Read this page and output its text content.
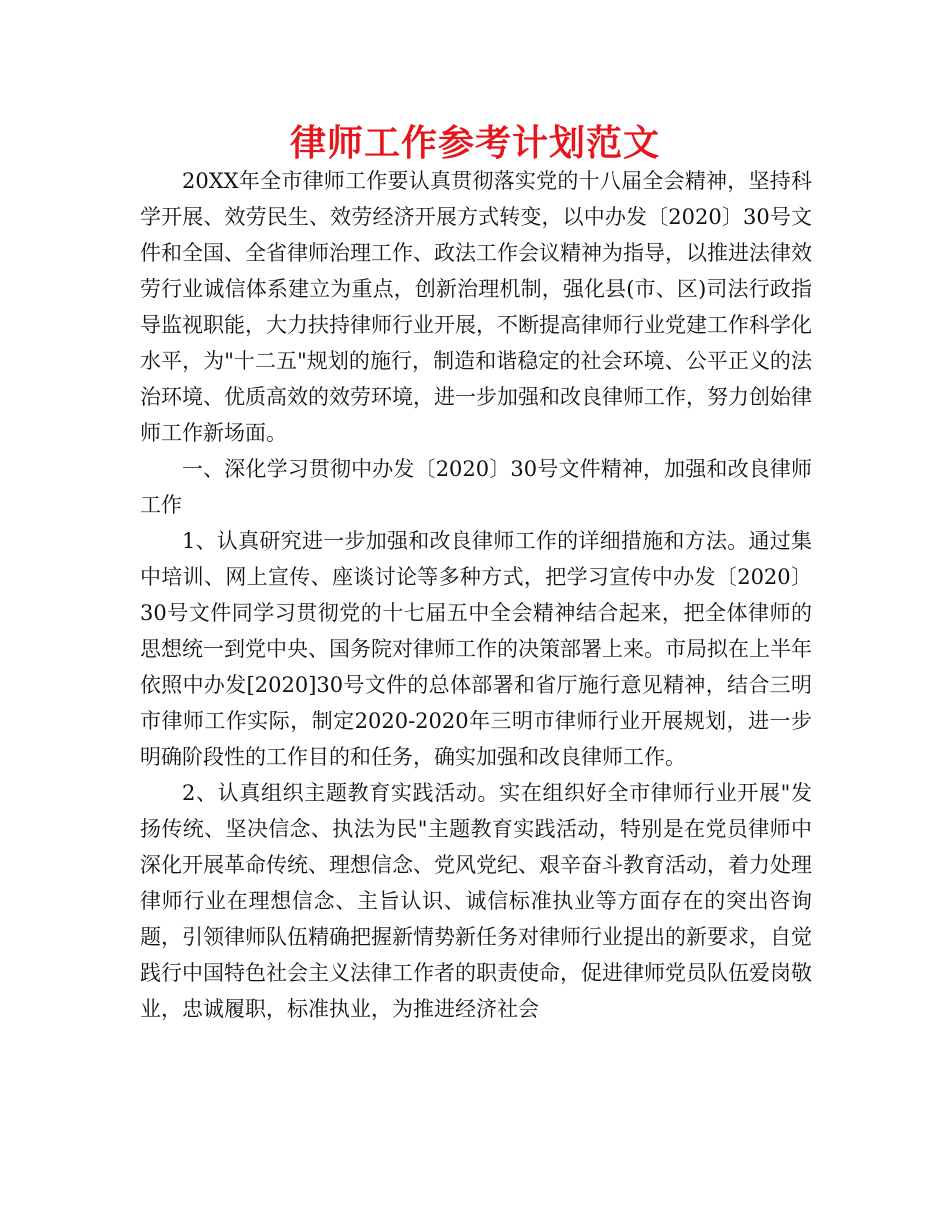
律师工作参考计划范文

20XX年全市律师工作要认真贯彻落实党的十八届全会精神，坚持科学开展、效劳民生、效劳经济开展方式转变，以中办发〔2020〕30号文件和全国、全省律师治理工作、政法工作会议精神为指导，以推进法律效劳行业诚信体系建立为重点，创新治理机制，强化县(市、区)司法行政指导监视职能，大力扶持律师行业开展，不断提高律师行业党建工作科学化水平，为"十二五"规划的施行，制造和谐稳定的社会环境、公平正义的法治环境、优质高效的效劳环境，进一步加强和改良律师工作，努力创始律师工作新场面。

一、深化学习贯彻中办发〔2020〕30号文件精神，加强和改良律师工作

1、认真研究进一步加强和改良律师工作的详细措施和方法。通过集中培训、网上宣传、座谈讨论等多种方式，把学习宣传中办发〔2020〕30号文件同学习贯彻党的十七届五中全会精神结合起来，把全体律师的思想统一到党中央、国务院对律师工作的决策部署上来。市局拟在上半年依照中办发[2020]30号文件的总体部署和省厅施行意见精神，结合三明市律师工作实际，制定2020-2020年三明市律师行业开展规划，进一步明确阶段性的工作目的和任务，确实加强和改良律师工作。

2、认真组织主题教育实践活动。实在组织好全市律师行业开展"发扬传统、坚决信念、执法为民"主题教育实践活动，特别是在党员律师中深化开展革命传统、理想信念、党风党纪、艰辛奋斗教育活动，着力处理律师行业在理想信念、主旨认识、诚信标准执业等方面存在的突出咨询题，引领律师队伍精确把握新情势新任务对律师行业提出的新要求，自觉践行中国特色社会主义法律工作者的职责使命，促进律师党员队伍爱岗敬业，忠诚履职，标准执业，为推进经济社会
